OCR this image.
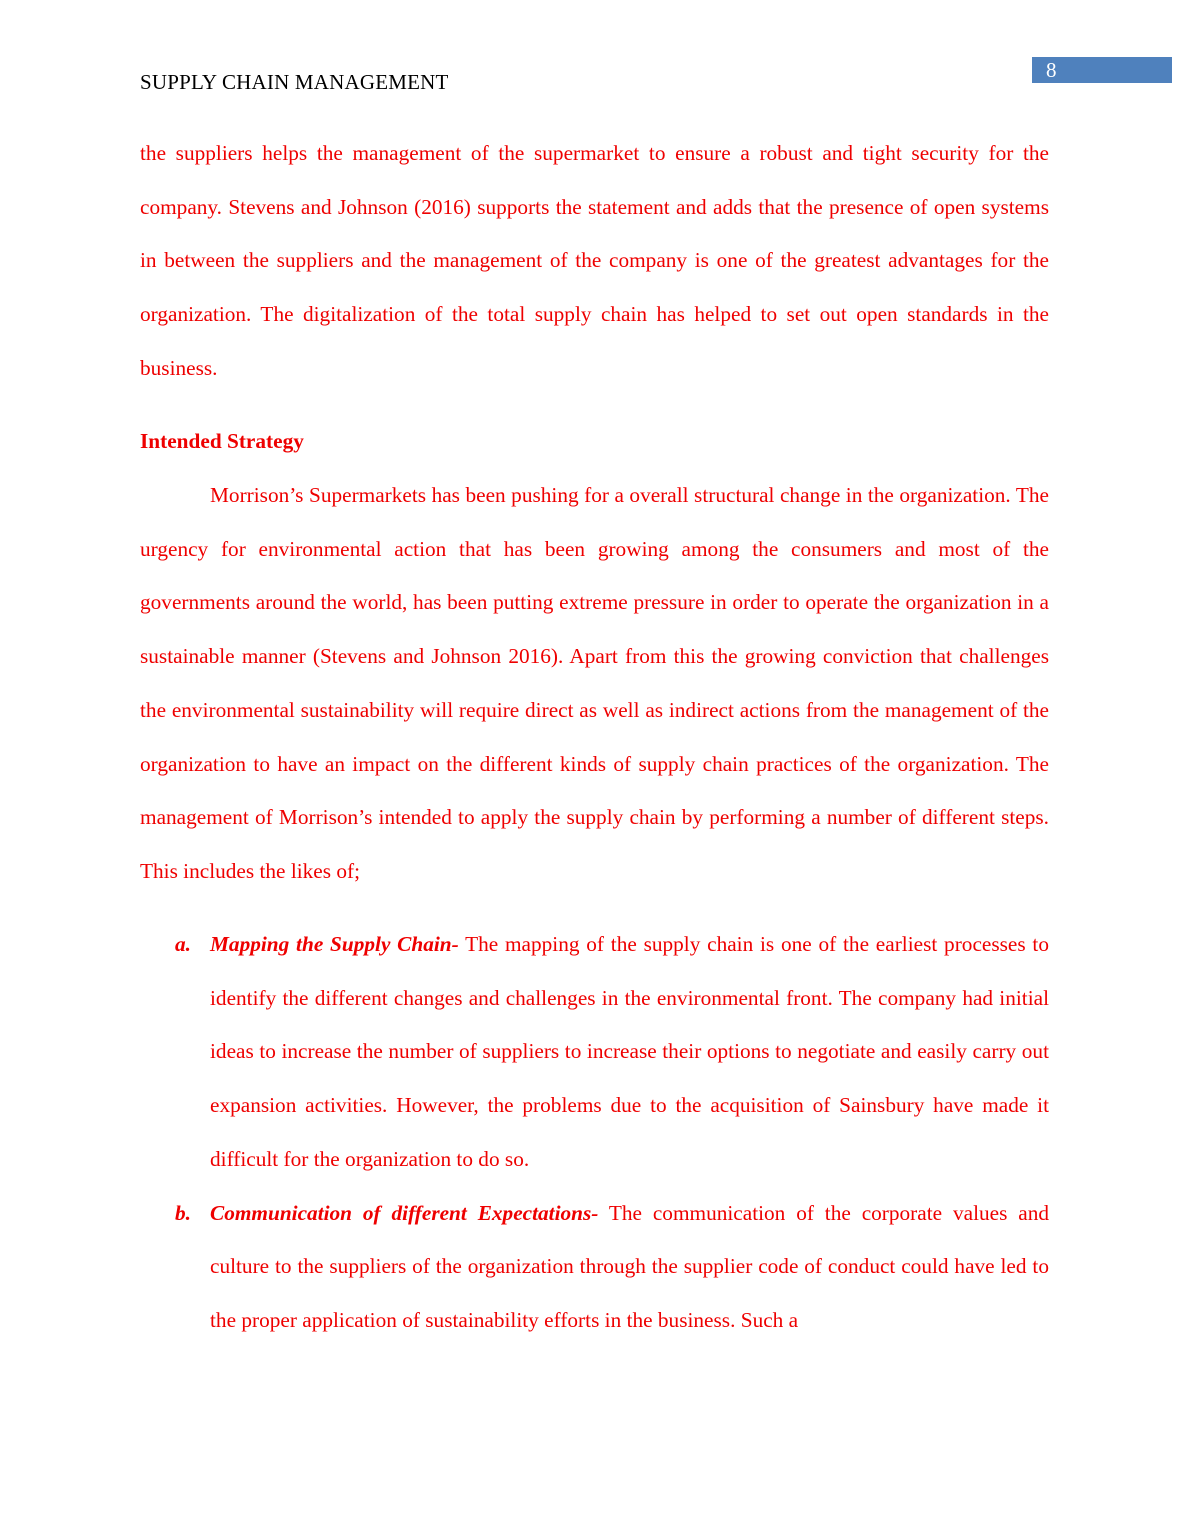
8
SUPPLY CHAIN MANAGEMENT

the suppliers helps the management of the supermarket to ensure a robust and tight security for the company. Stevens and Johnson (2016) supports the statement and adds that the presence of open systems in between the suppliers and the management of the company is one of the greatest advantages for the organization. The digitalization of the total supply chain has helped to set out open standards in the business.

Intended Strategy

Morrison’s Supermarkets has been pushing for a overall structural change in the organization. The urgency for environmental action that has been growing among the consumers and most of the governments around the world, has been putting extreme pressure in order to operate the organization in a sustainable manner (Stevens and Johnson 2016). Apart from this the growing conviction that challenges the environmental sustainability will require direct as well as indirect actions from the management of the organization to have an impact on the different kinds of supply chain practices of the organization. The management of Morrison’s intended to apply the supply chain by performing a number of different steps. This includes the likes of;

a. Mapping the Supply Chain- The mapping of the supply chain is one of the earliest processes to identify the different changes and challenges in the environmental front. The company had initial ideas to increase the number of suppliers to increase their options to negotiate and easily carry out expansion activities. However, the problems due to the acquisition of Sainsbury have made it difficult for the organization to do so.
b. Communication of different Expectations- The communication of the corporate values and culture to the suppliers of the organization through the supplier code of conduct could have led to the proper application of sustainability efforts in the business. Such a
